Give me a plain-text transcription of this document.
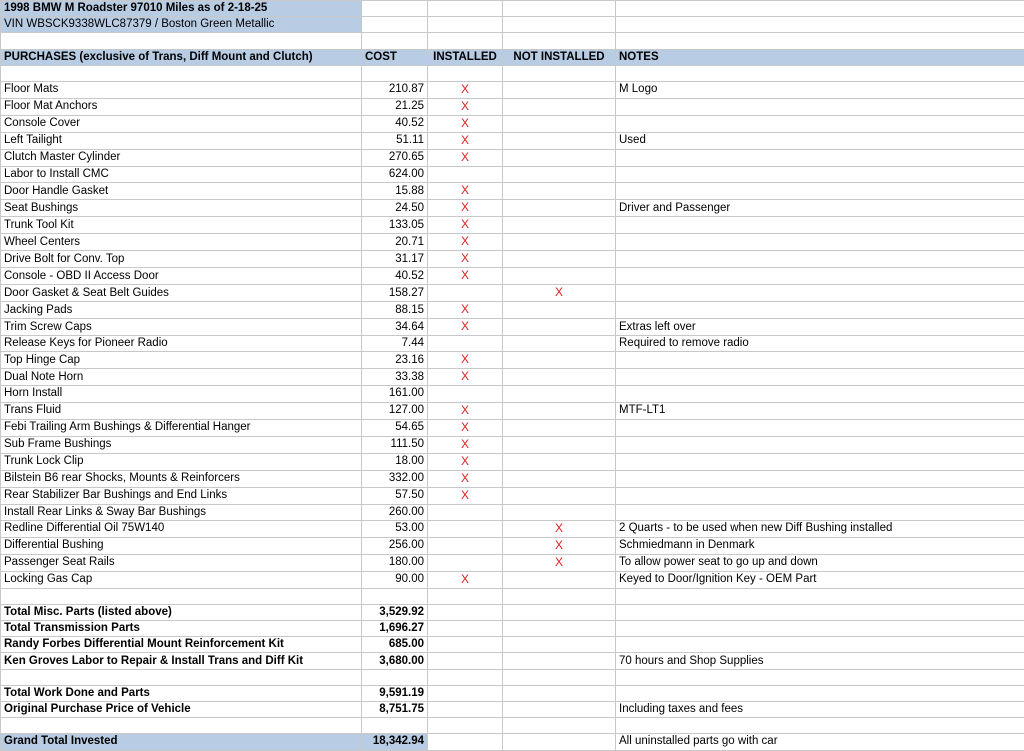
1998 BMW M Roadster 97010 Miles as of 2-18-25				
VIN WBSCK9338WLC87379 / Boston Green Metallic				

PURCHASES (exclusive of Trans, Diff Mount and Clutch)	COST	INSTALLED	NOT INSTALLED	NOTES

Floor Mats	210.87	X		M Logo
Floor Mat Anchors	21.25	X		
Console Cover	40.52	X		
Left Tailight	51.11	X		Used
Clutch Master Cylinder	270.65	X		
Labor to Install CMC	624.00			
Door Handle Gasket	15.88	X		
Seat Bushings	24.50	X		Driver and Passenger
Trunk Tool Kit	133.05	X		
Wheel Centers	20.71	X		
Drive Bolt for Conv. Top	31.17	X		
Console - OBD II Access Door	40.52	X		
Door Gasket & Seat Belt Guides	158.27		X	
Jacking Pads	88.15	X		
Trim Screw Caps	34.64	X		Extras left over
Release Keys for Pioneer Radio	7.44			Required to remove radio
Top Hinge Cap	23.16	X		
Dual Note Horn	33.38	X		
Horn Install	161.00			
Trans Fluid	127.00	X		MTF-LT1
Febi Trailing Arm Bushings & Differential Hanger	54.65	X		
Sub Frame Bushings	111.50	X		
Trunk Lock Clip	18.00	X		
Bilstein B6 rear Shocks, Mounts & Reinforcers	332.00	X		
Rear Stabilizer Bar Bushings and End Links	57.50	X		
Install Rear Links & Sway Bar Bushings	260.00			
Redline Differential Oil 75W140	53.00		X	2 Quarts - to be used when new Diff Bushing installed
Differential Bushing	256.00		X	Schmiedmann in Denmark
Passenger Seat Rails	180.00		X	To allow power seat to go up and down
Locking Gas Cap	90.00	X		Keyed to Door/Ignition Key - OEM Part

Total Misc. Parts (listed above)	3,529.92			
Total Transmission Parts	1,696.27			
Randy Forbes Differential Mount Reinforcement Kit	685.00			
Ken Groves Labor to Repair & Install Trans and Diff Kit	3,680.00			70 hours and Shop Supplies

Total Work Done and Parts	9,591.19			
Original Purchase Price of Vehicle	8,751.75			Including taxes and fees

Grand Total Invested	18,342.94			All uninstalled parts go with car
